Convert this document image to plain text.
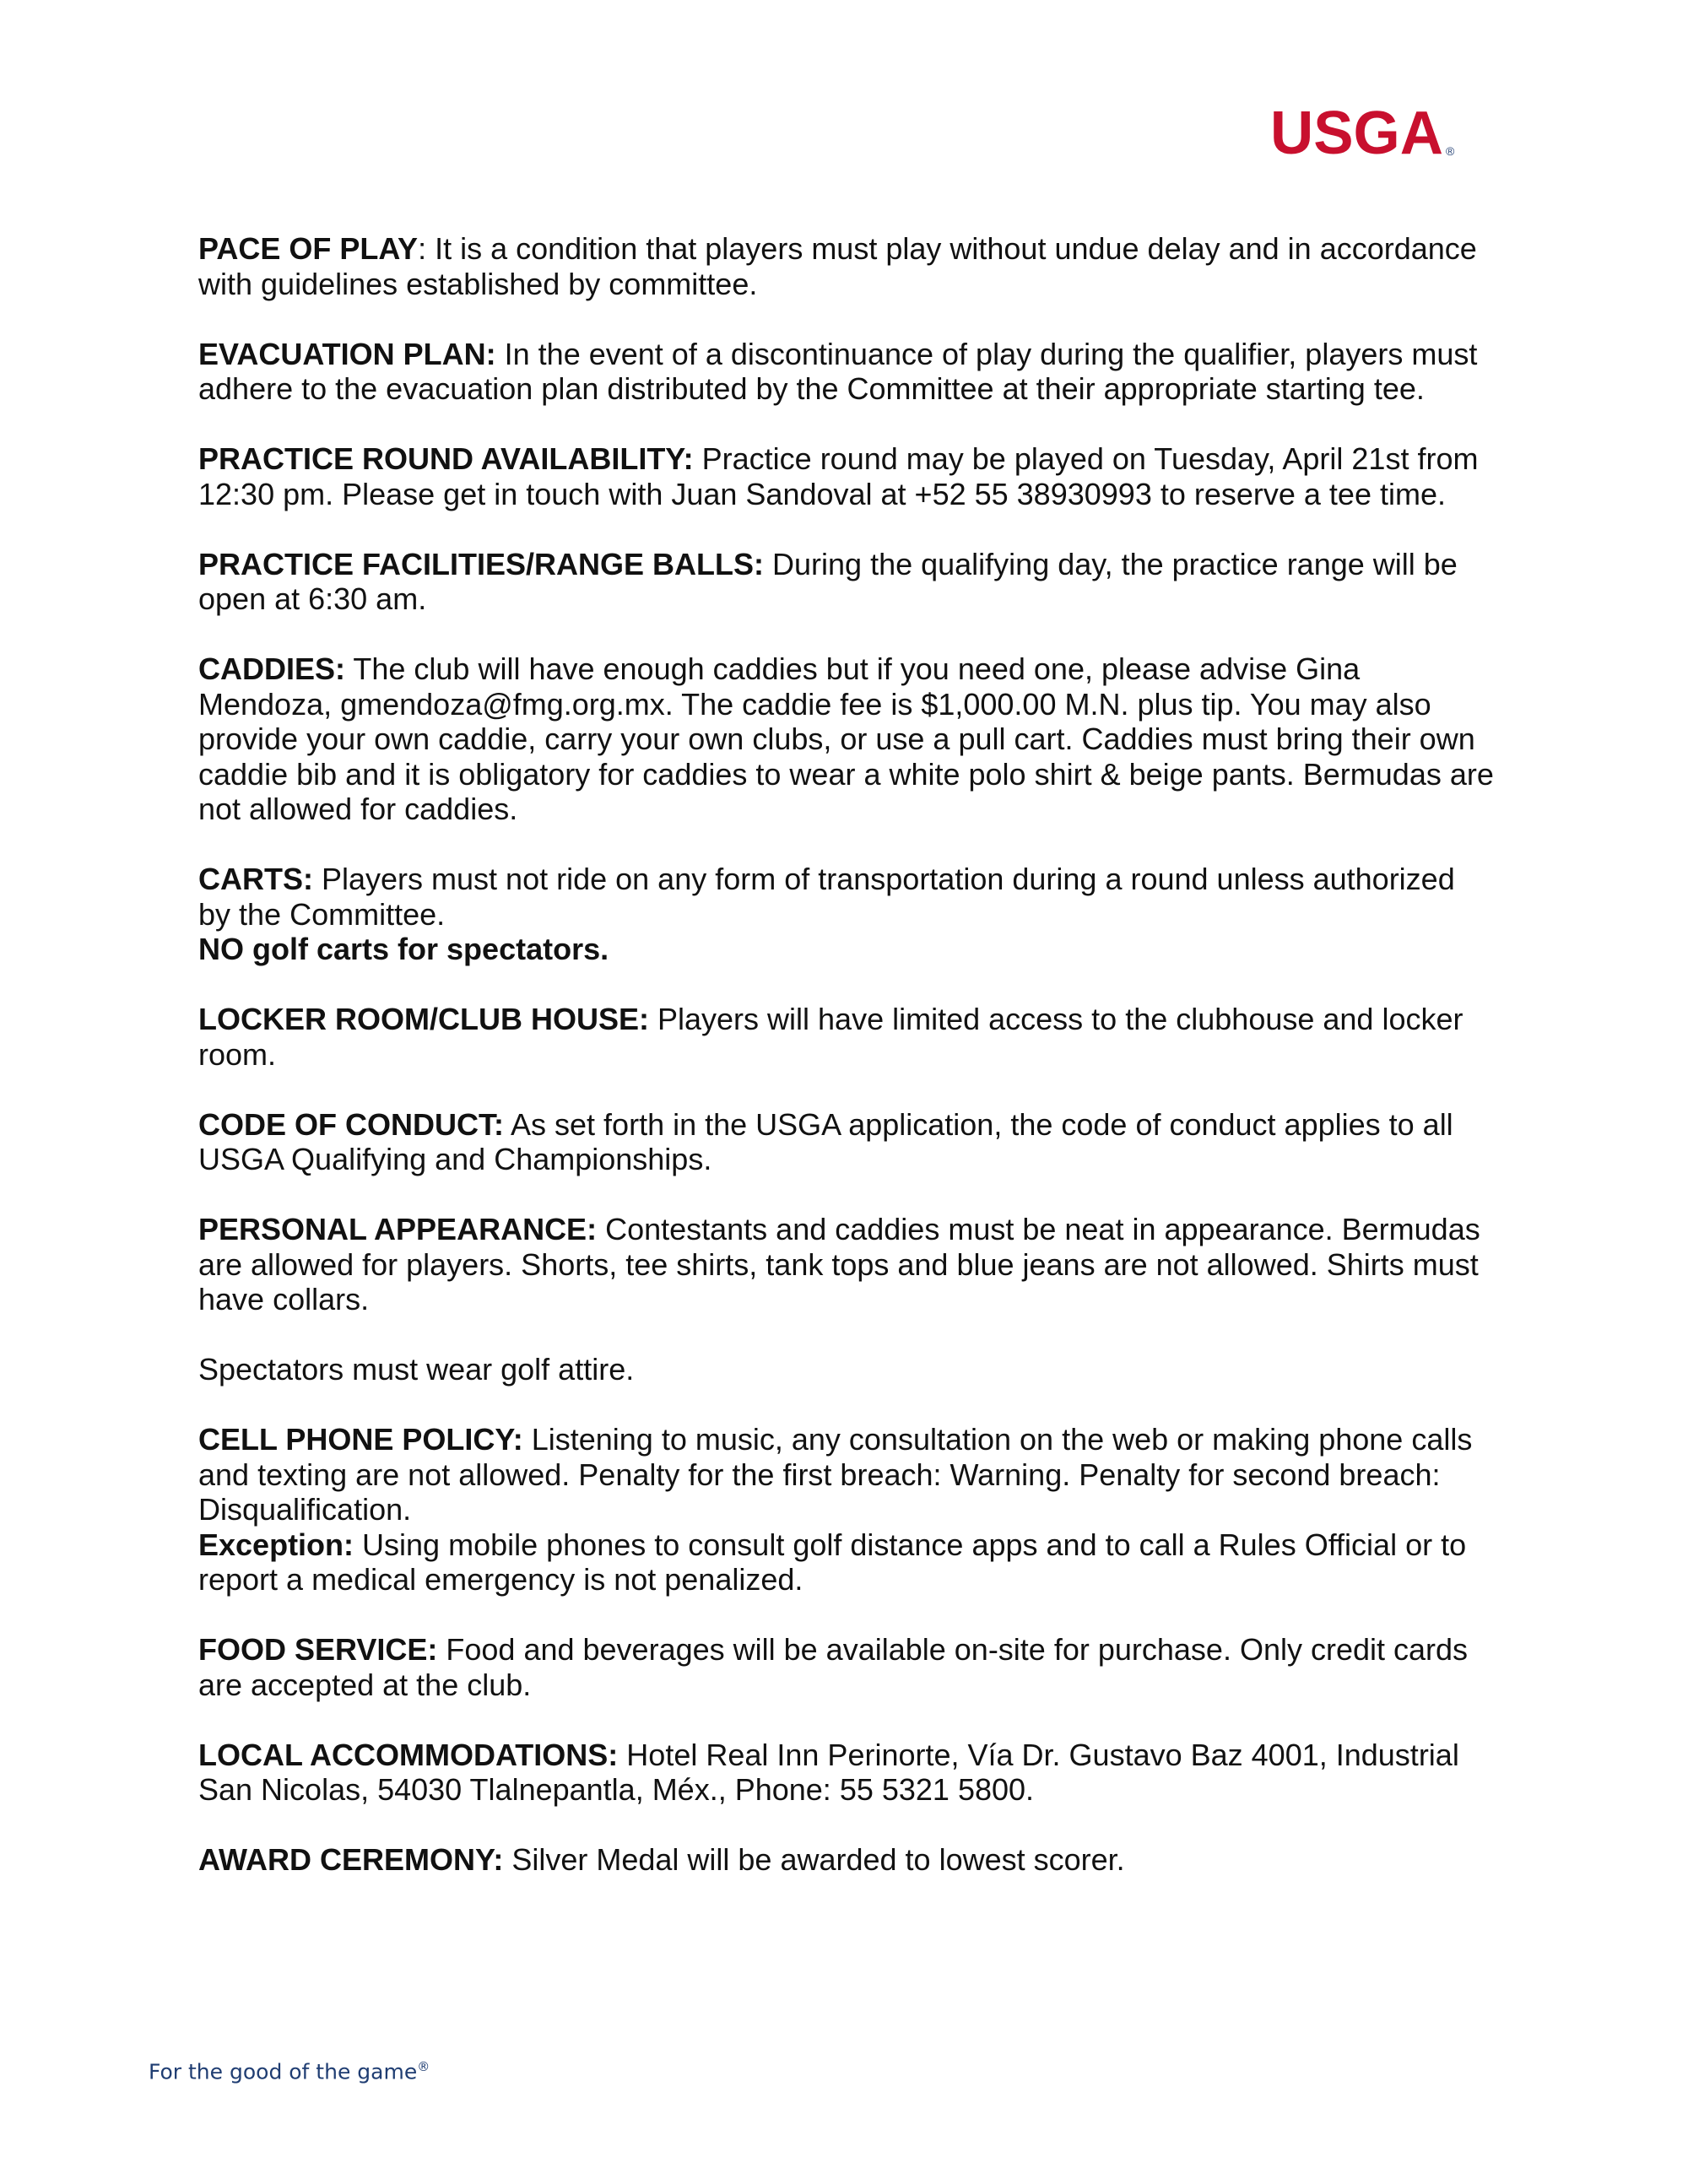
USGA ®

PACE OF PLAY: It is a condition that players must play without undue delay and in accordance with guidelines established by committee.

EVACUATION PLAN: In the event of a discontinuance of play during the qualifier, players must adhere to the evacuation plan distributed by the Committee at their appropriate starting tee.

PRACTICE ROUND AVAILABILITY: Practice round may be played on Tuesday, April 21st from 12:30 pm. Please get in touch with Juan Sandoval at +52 55 38930993 to reserve a tee time.

PRACTICE FACILITIES/RANGE BALLS: During the qualifying day, the practice range will be open at 6:30 am.

CADDIES: The club will have enough caddies but if you need one, please advise Gina Mendoza, gmendoza@fmg.org.mx. The caddie fee is $1,000.00 M.N. plus tip. You may also provide your own caddie, carry your own clubs, or use a pull cart. Caddies must bring their own caddie bib and it is obligatory for caddies to wear a white polo shirt & beige pants. Bermudas are not allowed for caddies.

CARTS: Players must not ride on any form of transportation during a round unless authorized by the Committee.

NO golf carts for spectators.

LOCKER ROOM/CLUB HOUSE: Players will have limited access to the clubhouse and locker room.

CODE OF CONDUCT: As set forth in the USGA application, the code of conduct applies to all USGA Qualifying and Championships.

PERSONAL APPEARANCE: Contestants and caddies must be neat in appearance. Bermudas are allowed for players. Shorts, tee shirts, tank tops and blue jeans are not allowed. Shirts must have collars.

Spectators must wear golf attire.

CELL PHONE POLICY: Listening to music, any consultation on the web or making phone calls and texting are not allowed. Penalty for the first breach: Warning. Penalty for second breach: Disqualification.

Exception: Using mobile phones to consult golf distance apps and to call a Rules Official or to report a medical emergency is not penalized.

FOOD SERVICE: Food and beverages will be available on-site for purchase. Only credit cards are accepted at the club.

LOCAL ACCOMMODATIONS: Hotel Real Inn Perinorte, Vía Dr. Gustavo Baz 4001, Industrial San Nicolas, 54030 Tlalnepantla, Méx., Phone: 55 5321 5800.

AWARD CEREMONY: Silver Medal will be awarded to lowest scorer.

For the good of the game®
